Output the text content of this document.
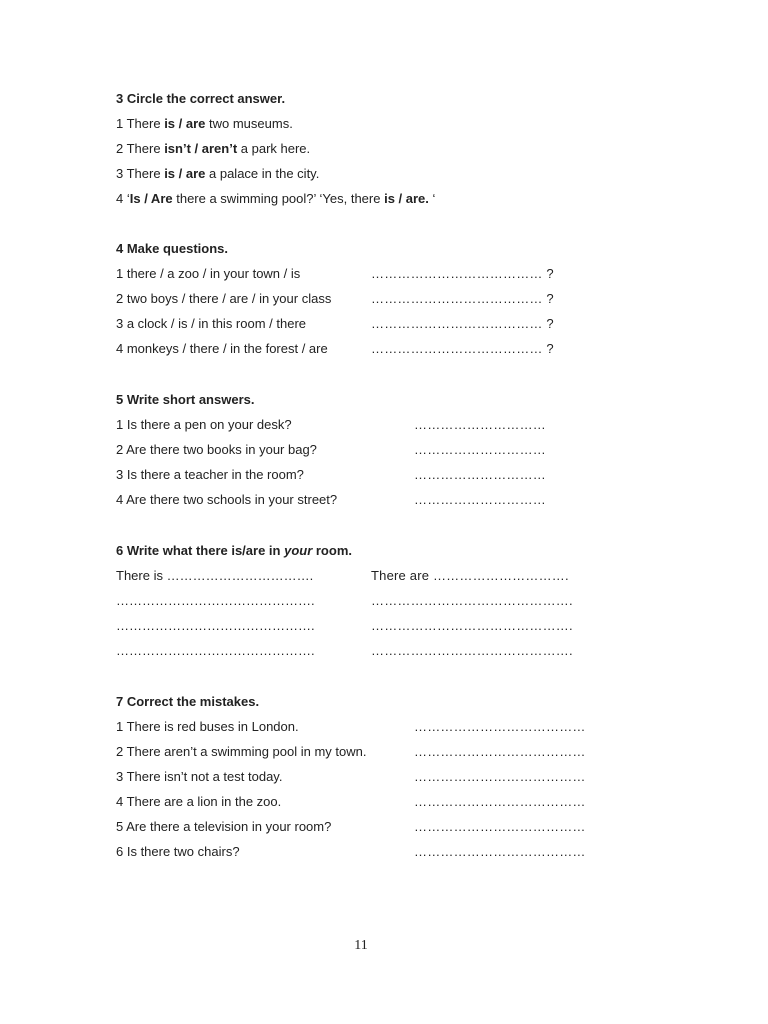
3 Circle the correct answer.
1 There is / are two museums.
2 There isn’t / aren’t a park here.
3 There is / are a palace in the city.
4 ‘Is / Are there a swimming pool?’ ‘Yes, there is / are. ‘
4 Make questions.
1 there / a zoo / in your town / is	………………………………… ?
2 two boys / there / are / in your class	………………………………… ?
3 a clock / is / in this room / there	………………………………… ?
4 monkeys / there / in the forest / are	………………………………… ?
5 Write short answers.
1 Is there a pen on your desk?	…………………………
2 Are there two books in your bag?	…………………………
3 Is there a teacher in the room?	…………………………
4 Are there two schools in your street?	…………………………
6 Write what there is/are in your room.
There is …………………………….	There are ………………………….
……………………………………….	……………………………………….
……………………………………….	……………………………………….
……………………………………….	……………………………………….
7 Correct the mistakes.
1 There is red buses in London.	…………………………………
2 There aren’t a swimming pool in my town.	…………………………………
3 There isn’t not a test today.	…………………………………
4 There are a lion in the zoo.	…………………………………
5 Are there a television in your room?	…………………………………
6 Is there two chairs?	…………………………………
11
